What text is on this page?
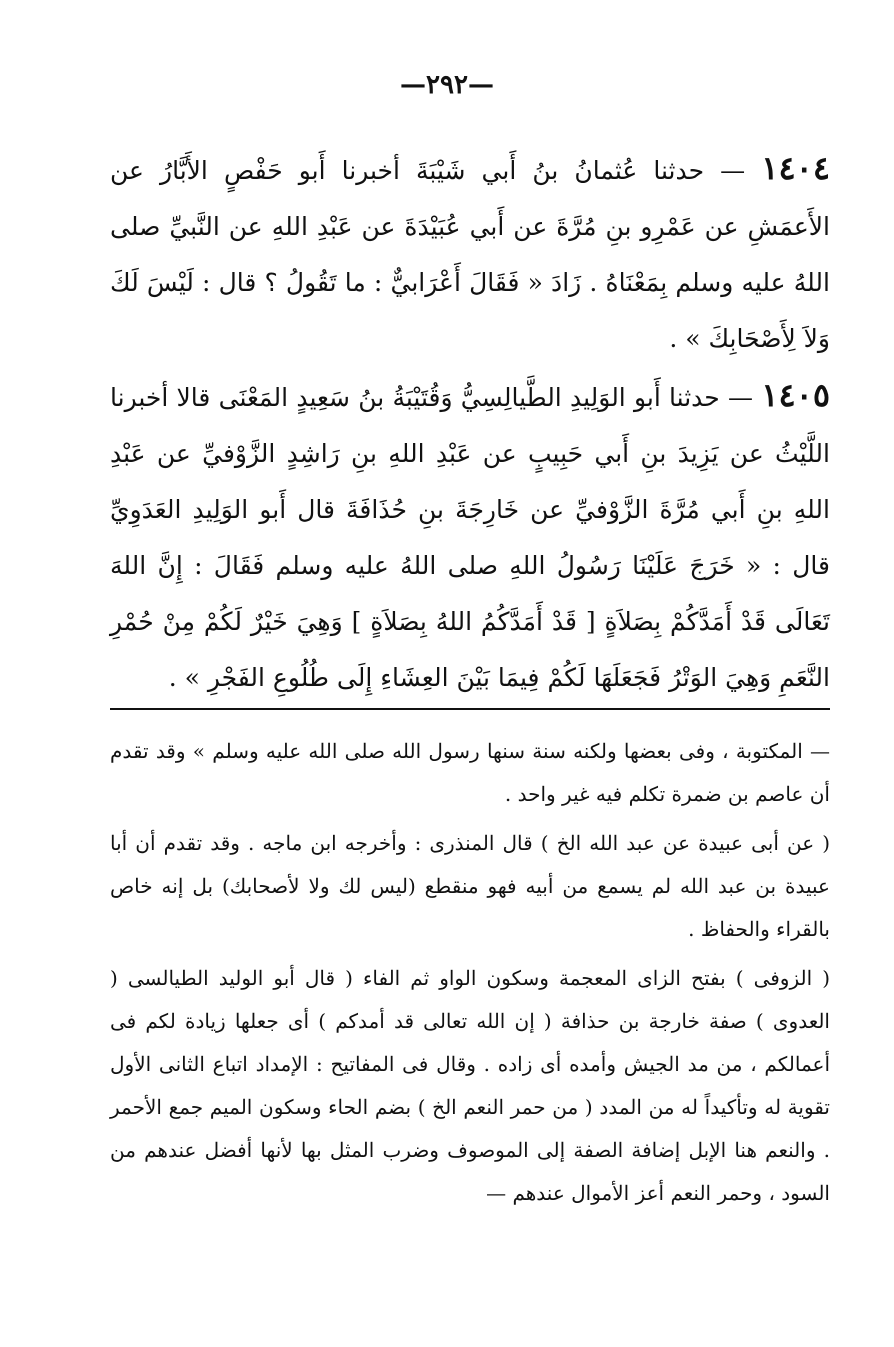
—٢٩٢—

١٤٠٤ — حدثنا عُثمانُ بنُ أَبي شَيْبَةَ أخبرنا أَبو حَفْصٍ الأَبَّارُ عن الأَعمَشِ عن عَمْرِو بنِ مُرَّةَ عن أَبي عُبَيْدَةَ عن عَبْدِ اللهِ عن النَّبيِّ صلى اللهُ عليه وسلم بِمَعْنَاهُ . زَادَ « فَقَالَ أَعْرَابيٌّ : ما تَقُولُ ؟ قال : لَيْسَ لَكَ وَلاَ لِأَصْحَابِكَ » .

١٤٠٥ — حدثنا أَبو الوَلِيدِ الطَّيالِسِيُّ وَقُتَيْبَةُ بنُ سَعِيدٍ المَعْنَى قالا أخبرنا اللَّيْثُ عن يَزِيدَ بنِ أَبي حَبِيبٍ عن عَبْدِ اللهِ بنِ رَاشِدٍ الزَّوْفيِّ عن عَبْدِ اللهِ بنِ أَبي مُرَّةَ الزَّوْفيِّ عن خَارِجَةَ بنِ حُذَافَةَ قال أَبو الوَلِيدِ العَدَوِيِّ قال : « خَرَجَ عَلَيْنَا رَسُولُ اللهِ صلى اللهُ عليه وسلم فَقَالَ : إِنَّ اللهَ تَعَالَى قَدْ أَمَدَّكُمْ بِصَلاَةٍ [ قَدْ أَمَدَّكُمُ اللهُ بِصَلاَةٍ ] وَهِيَ خَيْرٌ لَكُمْ مِنْ حُمْرِ النَّعَمِ وَهِيَ الوَتْرُ فَجَعَلَهَا لَكُمْ فِيمَا بَيْنَ العِشَاءِ إِلَى طُلُوعِ الفَجْرِ » .

— المكتوبة ، وفى بعضها ولكنه سنة سنها رسول الله صلى الله عليه وسلم » وقد تقدم أن عاصم بن ضمرة تكلم فيه غير واحد .

( عن أبى عبيدة عن عبد الله الخ ) قال المنذرى : وأخرجه ابن ماجه . وقد تقدم أن أبا عبيدة بن عبد الله لم يسمع من أبيه فهو منقطع (ليس لك ولا لأصحابك) بل إنه خاص بالقراء والحفاظ .

( الزوفى ) بفتح الزاى المعجمة وسكون الواو ثم الفاء ( قال أبو الوليد الطيالسى ( العدوى ) صفة خارجة بن حذافة ( إن الله تعالى قد أمدكم ) أى جعلها زيادة لكم فى أعمالكم ، من مد الجيش وأمده أى زاده . وقال فى المفاتيح : الإمداد اتباع الثانى الأول تقوية له وتأكيداً له من المدد ( من حمر النعم الخ ) بضم الحاء وسكون الميم جمع الأحمر . والنعم هنا الإبل إضافة الصفة إلى الموصوف وضرب المثل بها لأنها أفضل عندهم من السود ، وحمر النعم أعز الأموال عندهم —
